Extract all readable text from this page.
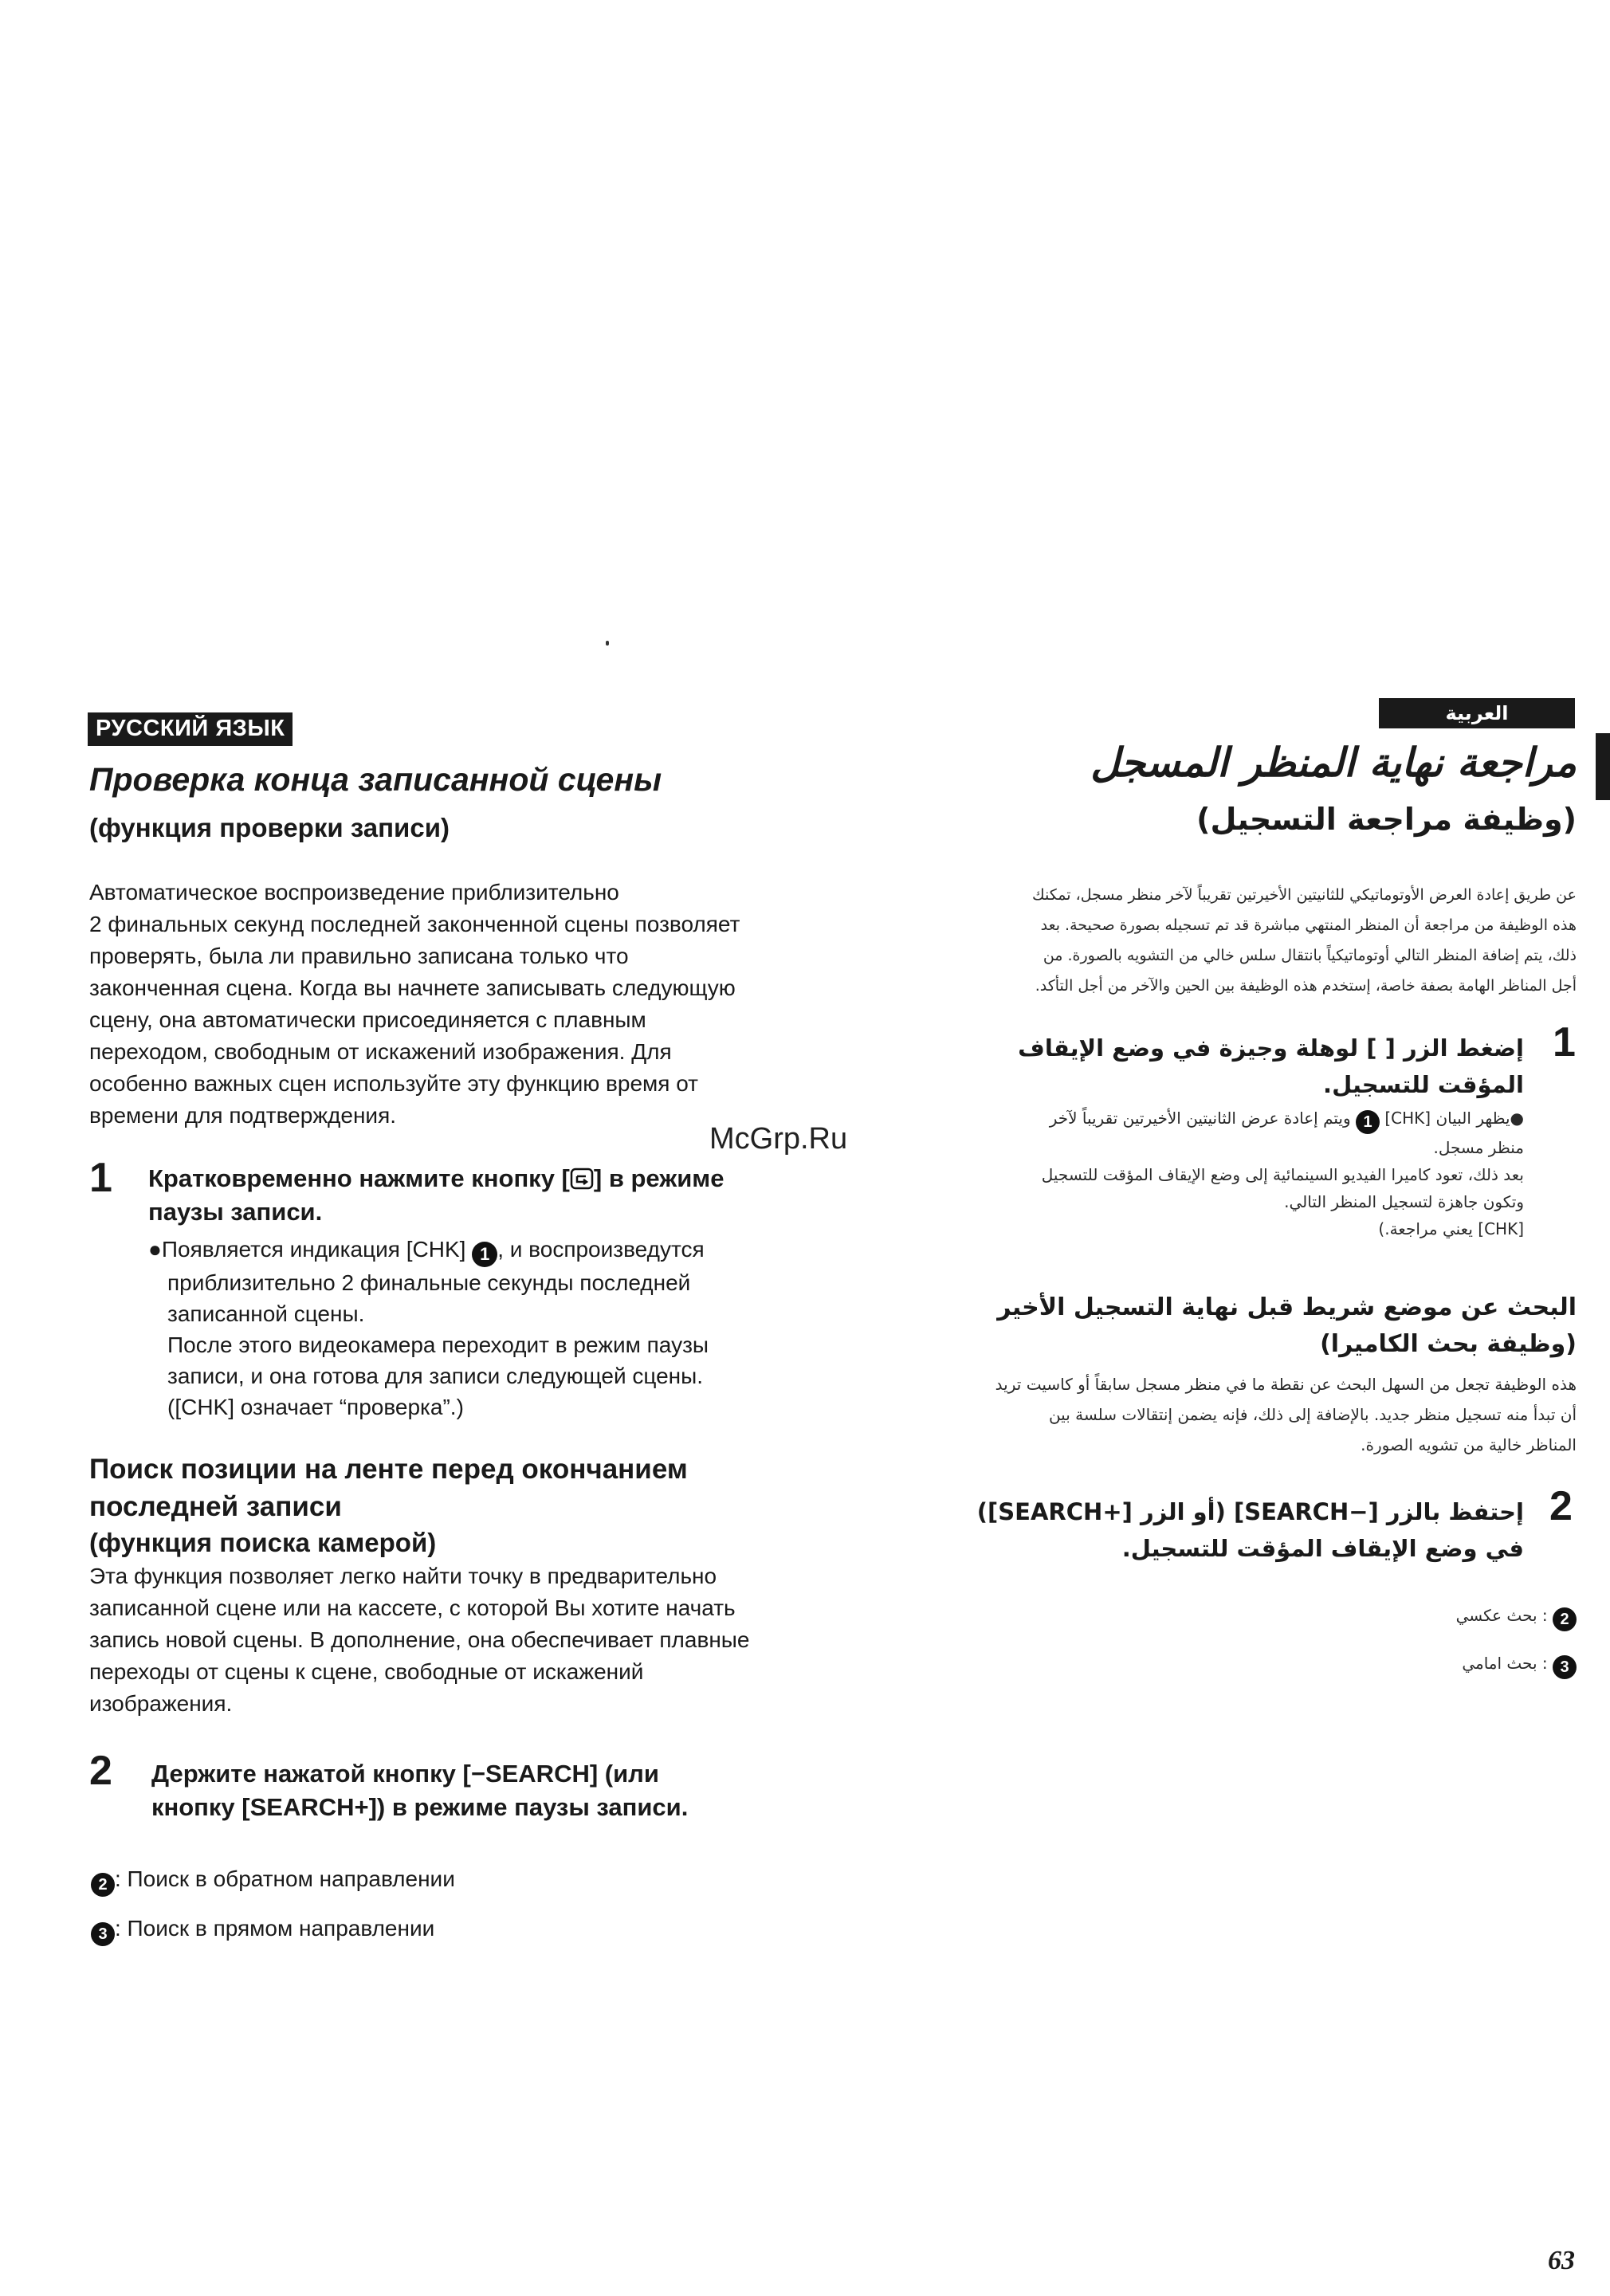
РУССКИЙ ЯЗЫК
Проверка конца записанной сцены
(функция проверки записи)
Автоматическое воспроизведение приблизительно
2 финальных секунд последней законченной сцены позволяет
проверять, была ли правильно записана только что
законченная сцена. Когда вы начнете записывать следующую
сцену, она автоматически присоединяется с плавным
переходом, свободным от искажений изображения. Для
особенно важных сцен используйте эту функцию время от
времени для подтверждения.
1 Кратковременно нажмите кнопку [ ] в режиме
паузы записи.
●Появляется индикация [CHK] 1 , и воспроизведутся
приблизительно 2 финальные секунды последней
записанной сцены.
После этого видеокамера переходит в режим паузы
записи, и она готова для записи следующей сцены.
([CHK] означает “проверка”.)
Поиск позиции на ленте перед окончанием
последней записи
(функция поиска камерой)
Эта функция позволяет легко найти точку в предварительно
записанной сцене или на кассете, с которой Вы хотите начать
запись новой сцены. В дополнение, она обеспечивает плавные
переходы от сцены к сцене, свободные от искажений
изображения.
2 Держите нажатой кнопку [−SEARCH] (или
кнопку [SEARCH+]) в режиме паузы записи.
2 : Поиск в обратном направлении
3 : Поиск в прямом направлении
العربية
مراجعة نهاية المنظر المسجل
(وظيفة مراجعة التسجيل)
عن طريق إعادة العرض الأوتوماتيكي للثانيتين الأخيرتين تقريباً لآخر منظر مسجل، تمكنك
هذه الوظيفة من مراجعة أن المنظر المنتهي مباشرة قد تم تسجيله بصورة صحيحة. بعد
ذلك، يتم إضافة المنظر التالي أوتوماتيكياً بانتقال سلس خالي من التشويه بالصورة. من
أجل المناظر الهامة بصفة خاصة، إستخدم هذه الوظيفة بين الحين والآخر من أجل التأكد.
1
إضغط الزر [ ] لوهلة وجيزة في وضع الإيقاف
المؤقت للتسجيل.
●يظهر البيان [CHK] 1 ويتم إعادة عرض الثانيتين الأخيرتين تقريباً لآخر
منظر مسجل.
بعد ذلك، تعود كاميرا الفيديو السينمائية إلى وضع الإيقاف المؤقت للتسجيل
وتكون جاهزة لتسجيل المنظر التالي.
[CHK] يعني مراجعة.)
البحث عن موضع شريط قبل نهاية التسجيل الأخير
(وظيفة بحث الكاميرا)
هذه الوظيفة تجعل من السهل البحث عن نقطة ما في منظر مسجل سابقاً أو كاسيت تريد
أن تبدأ منه تسجيل منظر جديد. بالإضافة إلى ذلك، فإنه يضمن إنتقالات سلسة بين
المناظر خالية من تشويه الصورة.
2
إحتفظ بالزر [−SEARCH] (أو الزر [+SEARCH])
في وضع الإيقاف المؤقت للتسجيل.
2 : بحث عكسي
3 : بحث امامي
McGrp.Ru
63
